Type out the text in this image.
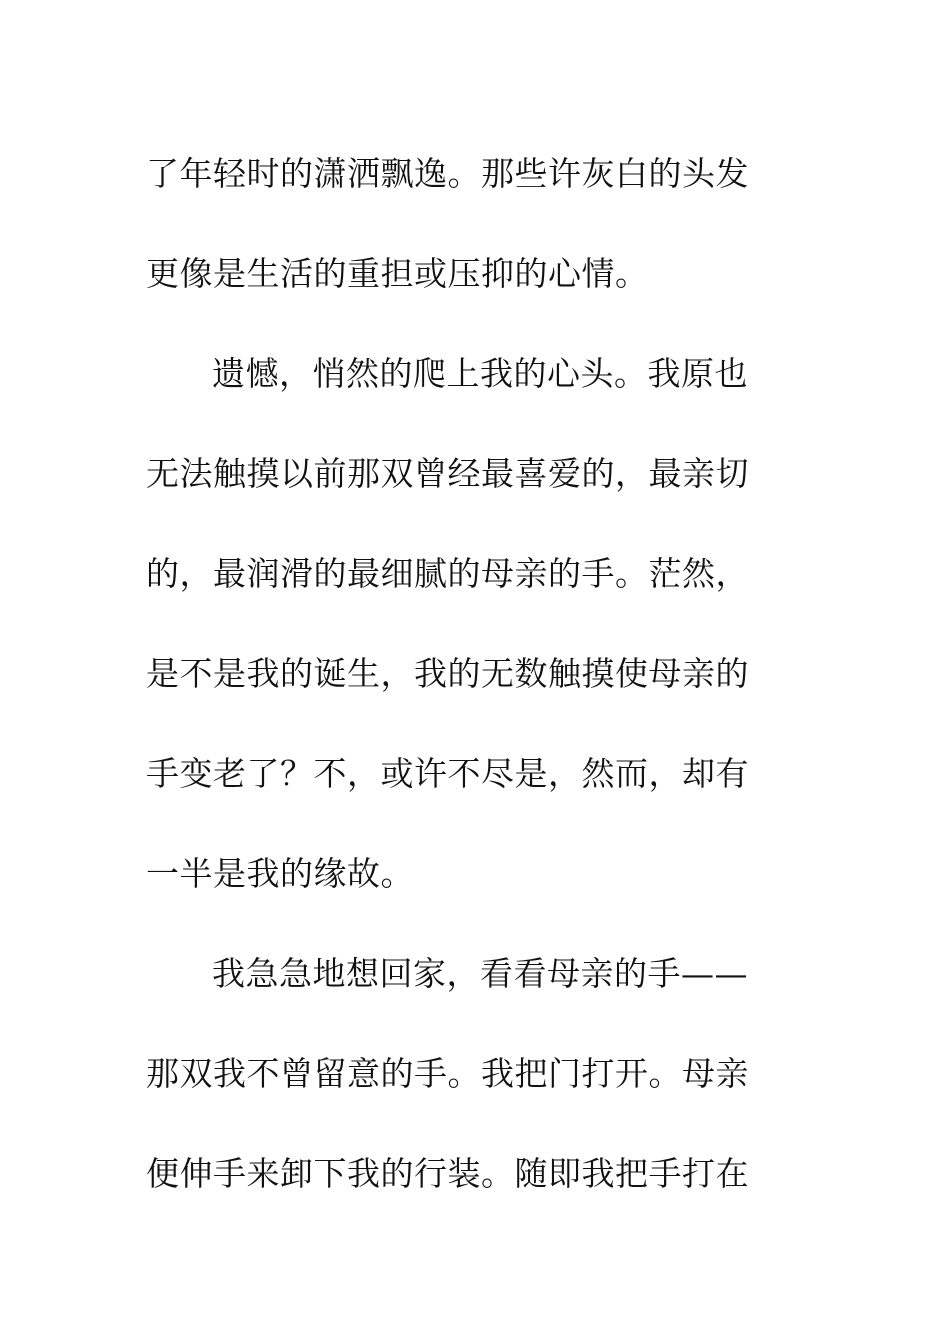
了年轻时的潇洒飘逸。那些许灰白的头发
更像是生活的重担或压抑的心情。
遗憾，悄然的爬上我的心头。我原也
无法触摸以前那双曾经最喜爱的，最亲切
的，最润滑的最细腻的母亲的手。茫然，
是不是我的诞生，我的无数触摸使母亲的
手变老了？不，或许不尽是，然而，却有
一半是我的缘故。
我急急地想回家，看看母亲的手——
那双我不曾留意的手。我把门打开。母亲
便伸手来卸下我的行装。随即我把手打在
